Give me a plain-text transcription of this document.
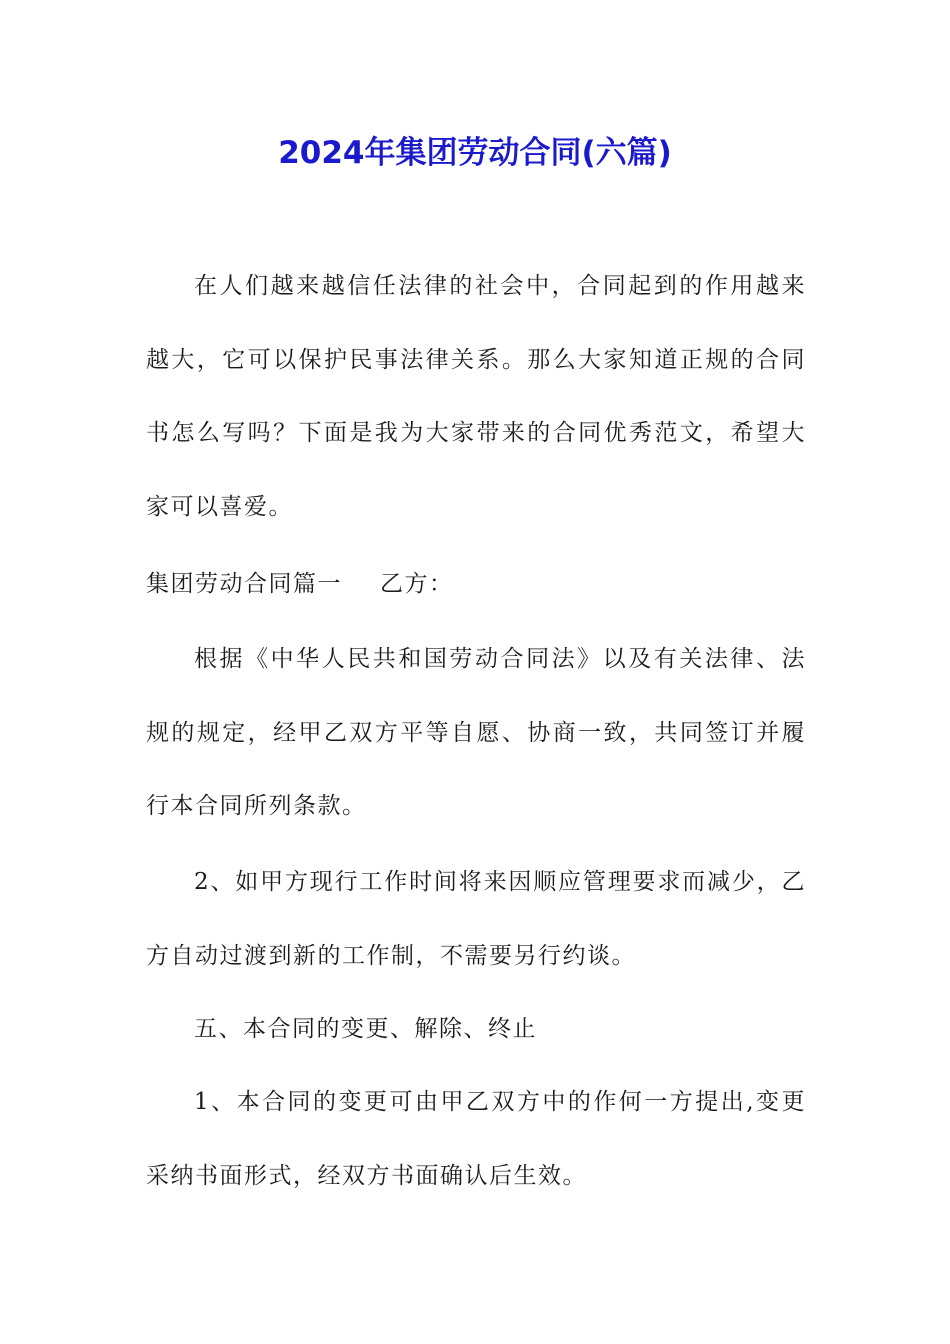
2024年集团劳动合同(六篇)

在人们越来越信任法律的社会中，合同起到的作用越来越大，它可以保护民事法律关系。那么大家知道正规的合同书怎么写吗？下面是我为大家带来的合同优秀范文，希望大家可以喜爱。

集团劳动合同篇一 乙方：

根据《中华人民共和国劳动合同法》以及有关法律、法规的规定，经甲乙双方平等自愿、协商一致，共同签订并履行本合同所列条款。

2、如甲方现行工作时间将来因顺应管理要求而减少，乙方自动过渡到新的工作制，不需要另行约谈。

五、本合同的变更、解除、终止

1、本合同的变更可由甲乙双方中的作何一方提出,变更采纳书面形式，经双方书面确认后生效。
